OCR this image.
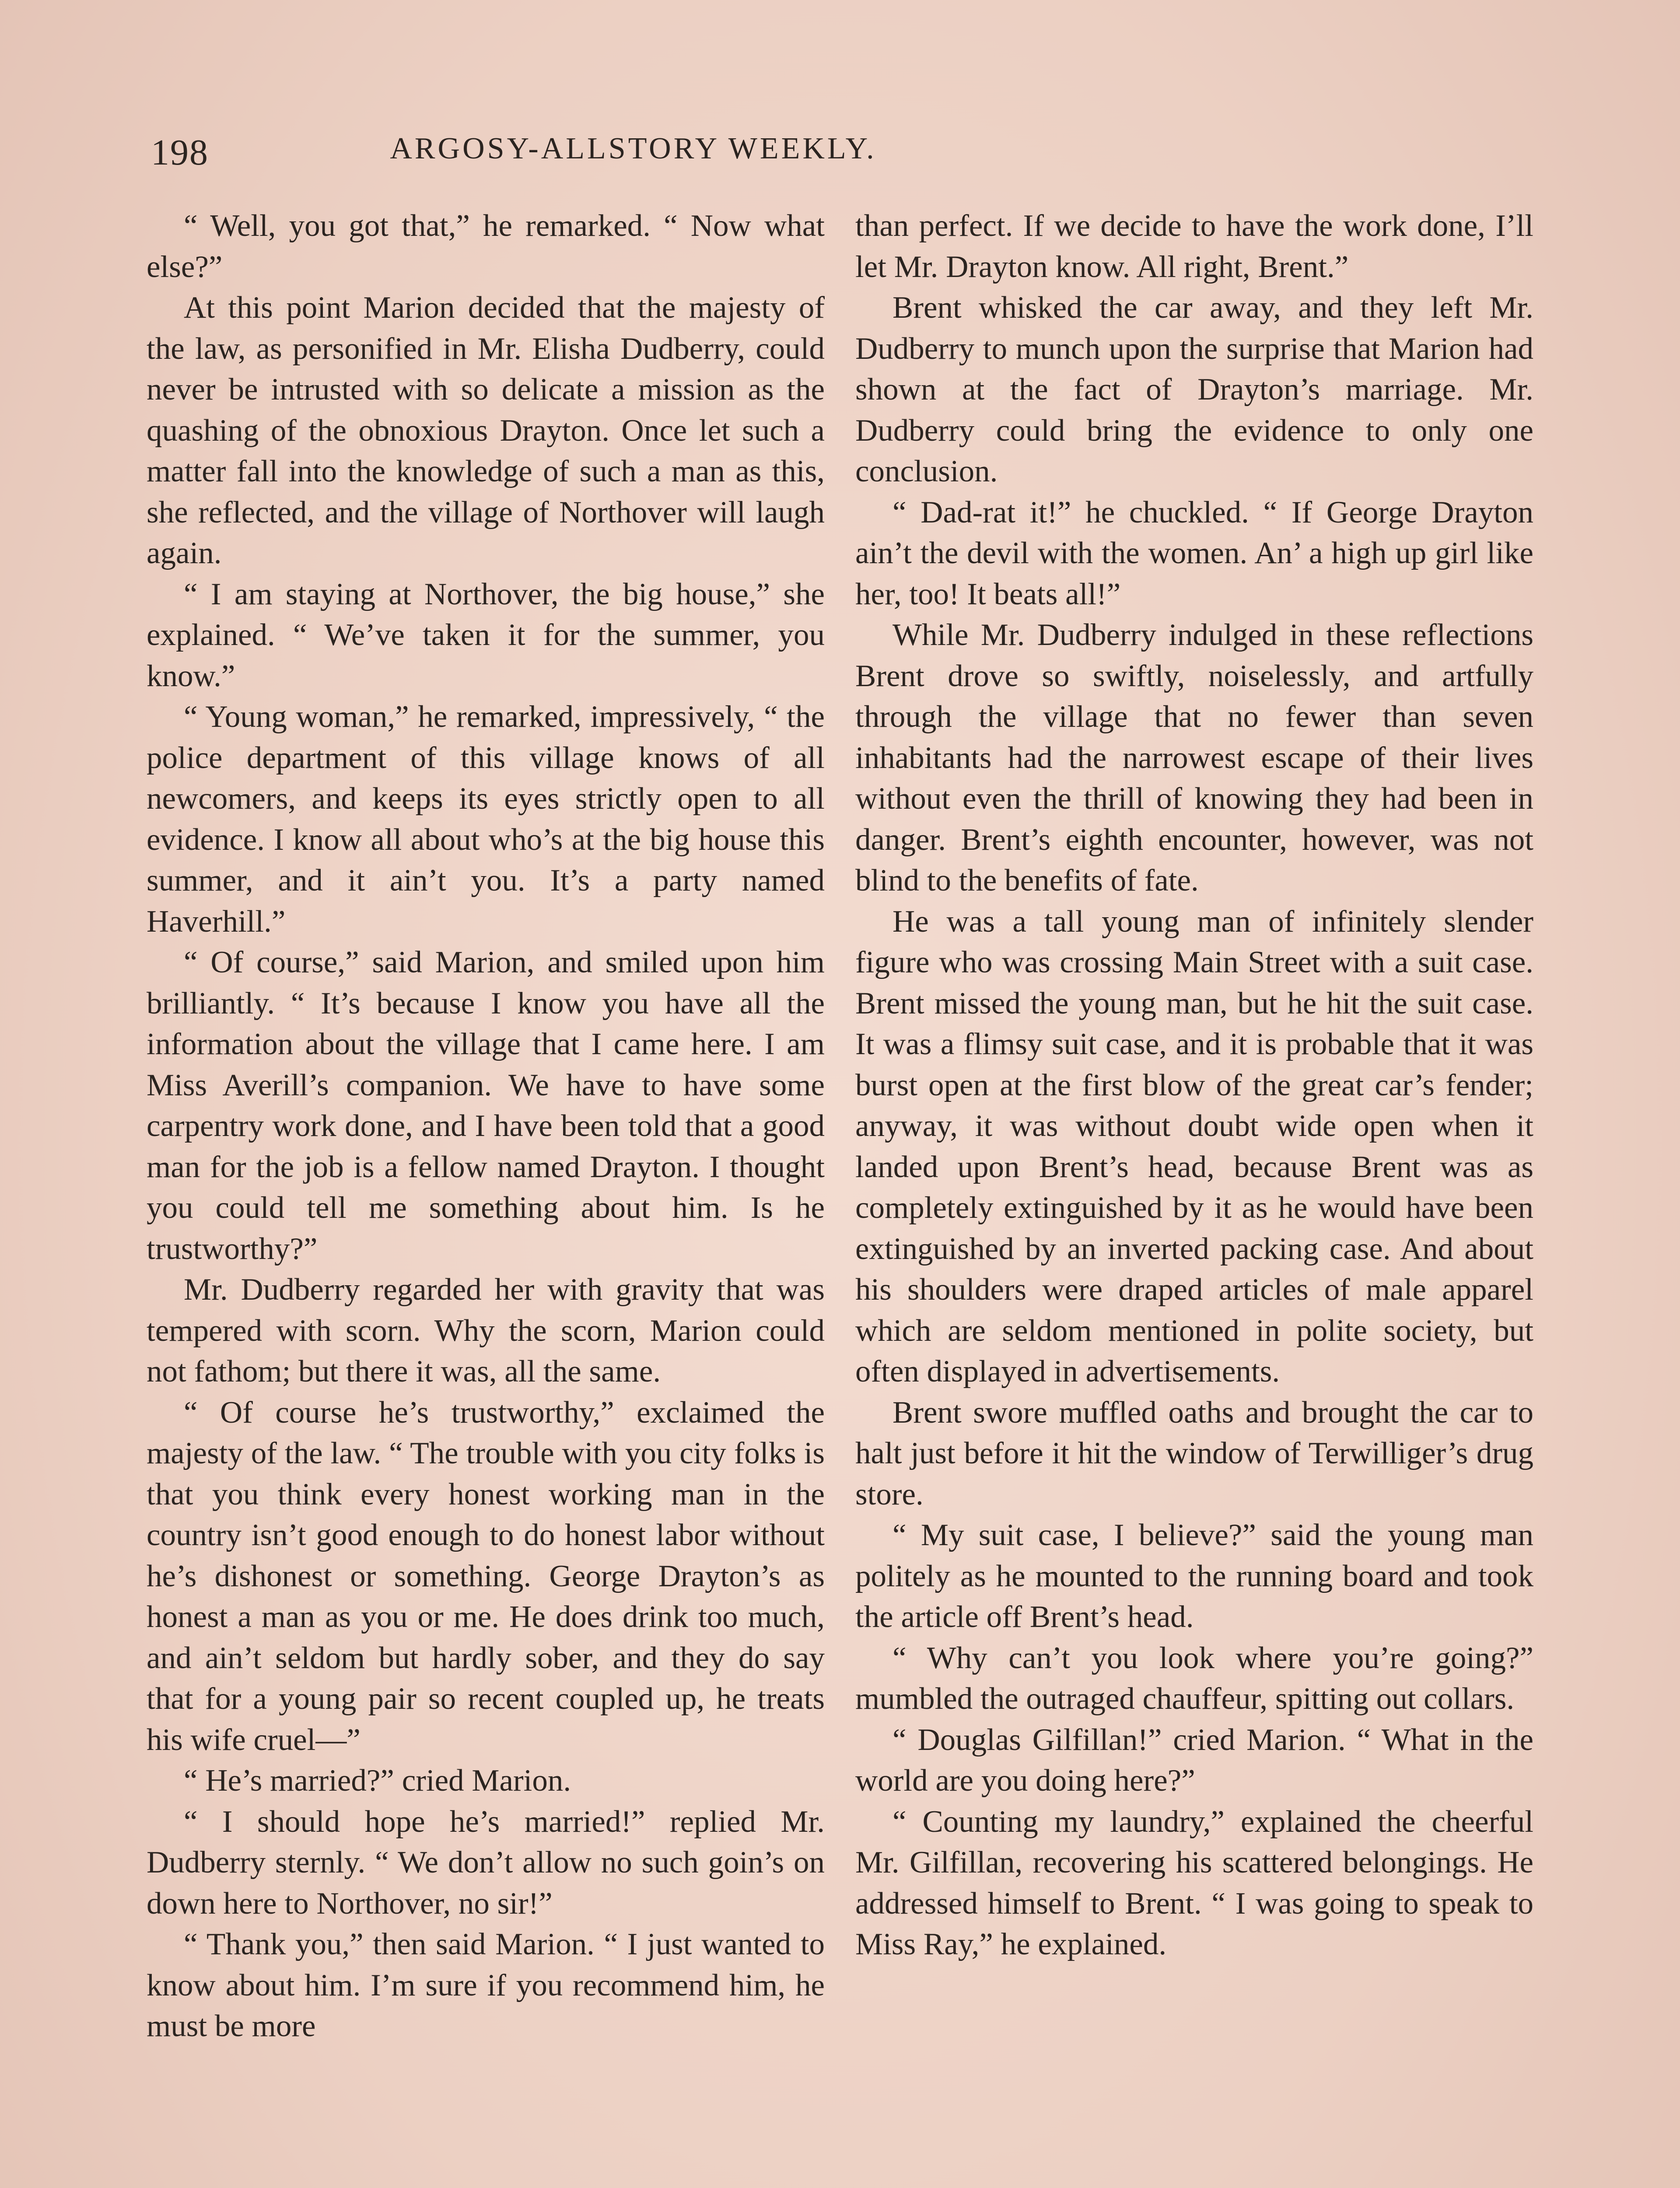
198	ARGOSY-ALLSTORY WEEKLY.

“ Well, you got that,” he remarked. “ Now what else?”

At this point Marion decided that the majesty of the law, as personified in Mr. Elisha Dudberry, could never be intrusted with so delicate a mission as the quashing of the obnoxious Drayton. Once let such a matter fall into the knowledge of such a man as this, she reflected, and the village of Northover will laugh again.

“ I am staying at Northover, the big house,” she explained. “ We’ve taken it for the summer, you know.”

“ Young woman,” he remarked, impressively, “ the police department of this village knows of all newcomers, and keeps its eyes strictly open to all evidence. I know all about who’s at the big house this summer, and it ain’t you. It’s a party named Haverhill.”

“ Of course,” said Marion, and smiled upon him brilliantly. “ It’s because I know you have all the information about the village that I came here. I am Miss Averill’s companion. We have to have some carpentry work done, and I have been told that a good man for the job is a fellow named Drayton. I thought you could tell me something about him. Is he trustworthy?”

Mr. Dudberry regarded her with gravity that was tempered with scorn. Why the scorn, Marion could not fathom; but there it was, all the same.

“ Of course he’s trustworthy,” exclaimed the majesty of the law. “ The trouble with you city folks is that you think every honest working man in the country isn’t good enough to do honest labor without he’s dishonest or something. George Drayton’s as honest a man as you or me. He does drink too much, and ain’t seldom but hardly sober, and they do say that for a young pair so recent coupled up, he treats his wife cruel—”

“ He’s married?” cried Marion.

“ I should hope he’s married!” replied Mr. Dudberry sternly. “ We don’t allow no such goin’s on down here to Northover, no sir!”

“ Thank you,” then said Marion. “ I just wanted to know about him. I’m sure if you recommend him, he must be more

than perfect. If we decide to have the work done, I’ll let Mr. Drayton know. All right, Brent.”

Brent whisked the car away, and they left Mr. Dudberry to munch upon the surprise that Marion had shown at the fact of Drayton’s marriage. Mr. Dudberry could bring the evidence to only one conclusion.

“ Dad-rat it!” he chuckled. “ If George Drayton ain’t the devil with the women. An’ a high up girl like her, too! It beats all!”

While Mr. Dudberry indulged in these reflections Brent drove so swiftly, noiselessly, and artfully through the village that no fewer than seven inhabitants had the narrowest escape of their lives without even the thrill of knowing they had been in danger. Brent’s eighth encounter, however, was not blind to the benefits of fate.

He was a tall young man of infinitely slender figure who was crossing Main Street with a suit case. Brent missed the young man, but he hit the suit case. It was a flimsy suit case, and it is probable that it was burst open at the first blow of the great car’s fender; anyway, it was without doubt wide open when it landed upon Brent’s head, because Brent was as completely extinguished by it as he would have been extinguished by an inverted packing case. And about his shoulders were draped articles of male apparel which are seldom mentioned in polite society, but often displayed in advertisements.

Brent swore muffled oaths and brought the car to halt just before it hit the window of Terwilliger’s drug store.

“ My suit case, I believe?” said the young man politely as he mounted to the running board and took the article off Brent’s head.

“ Why can’t you look where you’re going?” mumbled the outraged chauffeur, spitting out collars.

“ Douglas Gilfillan!” cried Marion. “ What in the world are you doing here?”

“ Counting my laundry,” explained the cheerful Mr. Gilfillan, recovering his scattered belongings. He addressed himself to Brent. “ I was going to speak to Miss Ray,” he explained.
